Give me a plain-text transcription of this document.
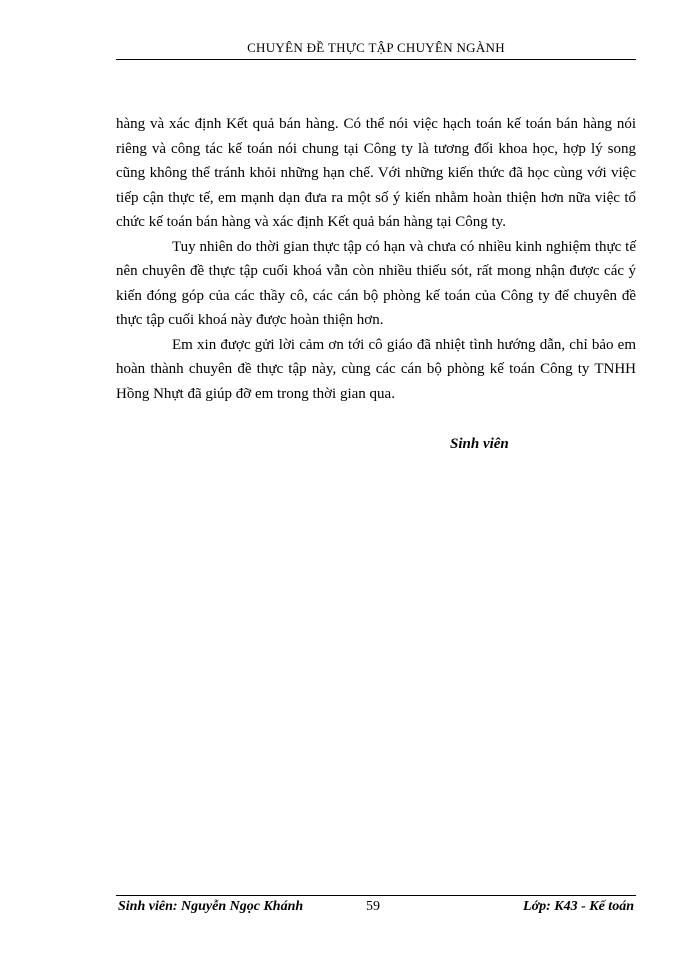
CHUYÊN ĐỀ THỰC TẬP CHUYÊN NGÀNH

hàng và xác định Kết quả bán hàng. Có thể nói việc hạch toán kế toán bán hàng nói riêng và công tác kế toán nói chung tại Công ty là tương đối khoa học, hợp lý song cũng không thể tránh khỏi những hạn chế. Với những kiến thức đã học cùng với việc tiếp cận thực tế, em mạnh dạn đưa ra một số ý kiến nhằm hoàn thiện hơn nữa việc tổ chức kế toán bán hàng và xác định Kết quả bán hàng tại Công ty.

Tuy nhiên do thời gian thực tập có hạn và chưa có nhiều kinh nghiệm thực tế nên chuyên đề thực tập cuối khoá vẫn còn nhiều thiếu sót, rất mong nhận được các ý kiến đóng góp của các thầy cô, các cán bộ phòng kế toán của Công ty để chuyên đề thực tập cuối khoá này được hoàn thiện hơn.

Em xin được gửi lời cảm ơn tới cô giáo đã nhiệt tình hướng dẫn, chỉ bảo em hoàn thành chuyên đề thực tập này, cùng các cán bộ phòng kế toán Công ty TNHH Hồng Nhựt đã giúp đỡ em trong thời gian qua.

Sinh viên
Sinh viên: Nguyễn Ngọc Khánh	59	Lớp: K43 - Kế toán
